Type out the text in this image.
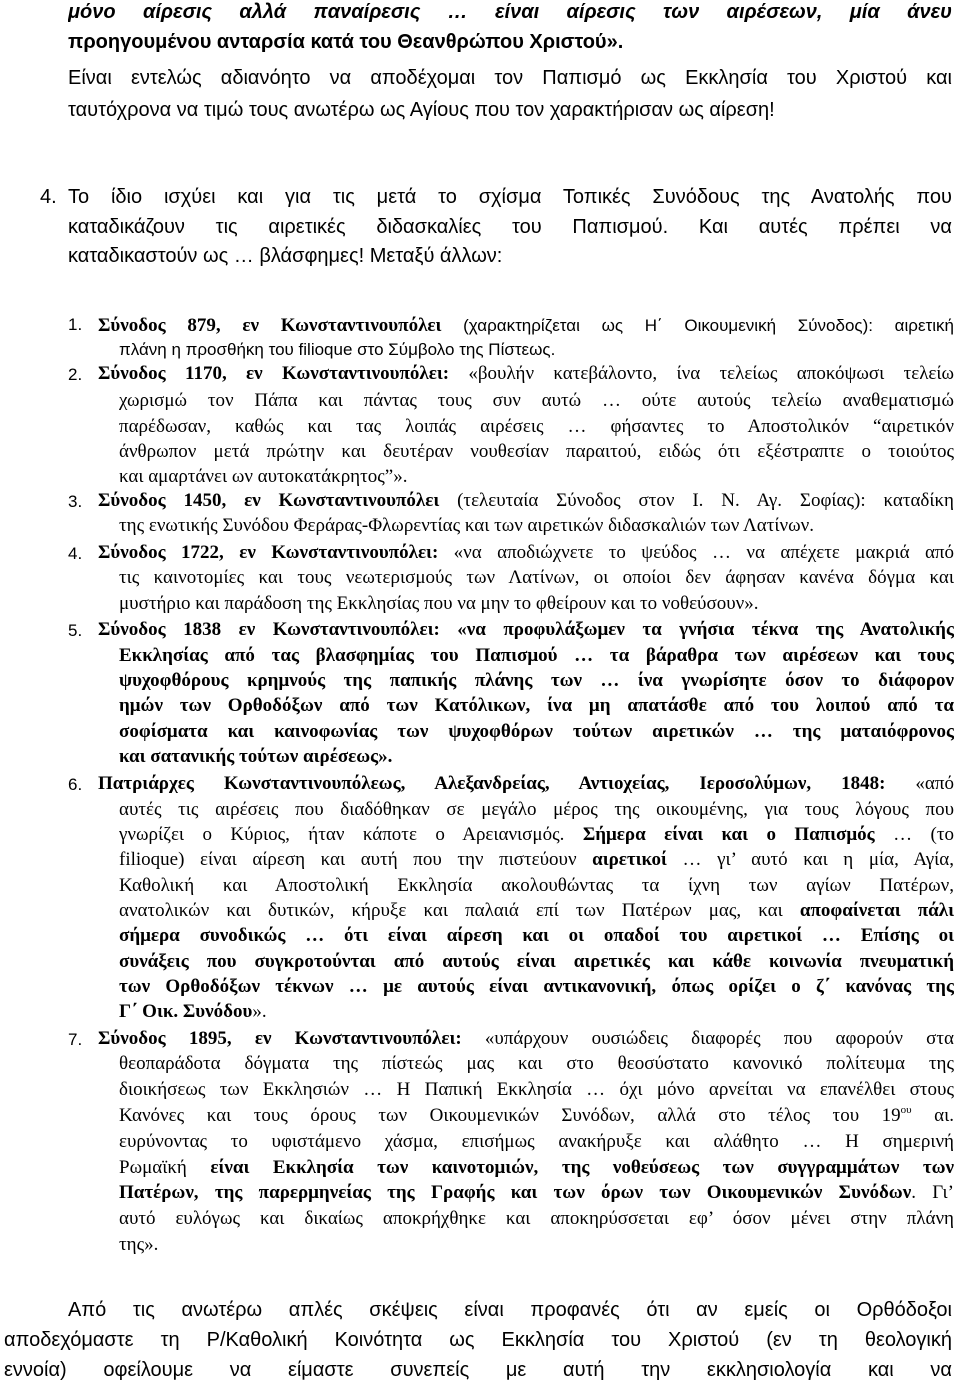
μόνο αίρεσις αλλά παναίρεσις … είναι αίρεσις των αιρέσεων, μία άνευ
προηγουμένου ανταρσία κατά του Θεανθρώπου Χριστού».
Είναι εντελώς αδιανόητο να αποδέχομαι τον Παπισμό ως Εκκλησία του Χριστού και
ταυτόχρονα να τιμώ τους ανωτέρω ως Αγίους που τον χαρακτήρισαν ως αίρεση!
4. Το ίδιο ισχύει και για τις μετά το σχίσμα Τοπικές Συνόδους της Ανατολής που
καταδικάζουν τις αιρετικές διδασκαλίες του Παπισμού. Και αυτές πρέπει να
καταδικαστούν ως … βλάσφημες! Μεταξύ άλλων:
1. Σύνοδος 879, εν Κωνσταντινουπόλει (χαρακτηρίζεται ως Η΄ Οικουμενική Σύνοδος): αιρετική
πλάνη η προσθήκη του filioque στο Σύμβολο της Πίστεως.
2. Σύνοδος 1170, εν Κωνσταντινουπόλει: «βουλήν κατεβάλοντο, ίνα τελείως αποκόψωσι τελείω
χωρισμώ τον Πάπα και πάντας τους συν αυτώ … ούτε αυτούς τελείω αναθεματισμώ
παρέδωσαν, καθώς και τας λοιπάς αιρέσεις … φήσαντες το Αποστολικόν “αιρετικόν
άνθρωπον μετά πρώτην και δευτέραν νουθεσίαν παραιτού, ειδώς ότι εξέστραπτε ο τοιούτος
και αμαρτάνει ων αυτοκατάκρητος”».
3. Σύνοδος 1450, εν Κωνσταντινουπόλει (τελευταία Σύνοδος στον Ι. Ν. Αγ. Σοφίας): καταδίκη
της ενωτικής Συνόδου Φεράρας-Φλωρεντίας και των αιρετικών διδασκαλιών των Λατίνων.
4. Σύνοδος 1722, εν Κωνσταντινουπόλει: «να αποδιώχνετε το ψεύδος … να απέχετε μακριά από
τις καινοτομίες και τους νεωτερισμούς των Λατίνων, οι οποίοι δεν άφησαν κανένα δόγμα και
μυστήριο και παράδοση της Εκκλησίας που να μην το φθείρουν και το νοθεύσουν».
5. Σύνοδος 1838 εν Κωνσταντινουπόλει: «να προφυλάξωμεν τα γνήσια τέκνα της Ανατολικής
Εκκλησίας από τας βλασφημίας του Παπισμού … τα βάραθρα των αιρέσεων και τους
ψυχοφθόρους κρημνούς της παπικής πλάνης των … ίνα γνωρίσητε όσον το διάφορον
ημών των Ορθοδόξων από των Κατόλικων, ίνα μη απατάσθε από του λοιπού από τα
σοφίσματα και καινοφωνίας των ψυχοφθόρων τούτων αιρετικών … της ματαιόφρονος
και σατανικής τούτων αιρέσεως».
6. Πατριάρχες Κωνσταντινουπόλεως, Αλεξανδρείας, Αντιοχείας, Ιεροσολύμων, 1848: «από
αυτές τις αιρέσεις που διαδόθηκαν σε μεγάλο μέρος της οικουμένης, για τους λόγους που
γνωρίζει ο Κύριος, ήταν κάποτε ο Αρειανισμός. Σήμερα είναι και ο Παπισμός … (το
filioque) είναι αίρεση και αυτή που την πιστεύουν αιρετικοί … γι’ αυτό και η μία, Αγία,
Καθολική και Αποστολική Εκκλησία ακολουθώντας τα ίχνη των αγίων Πατέρων,
ανατολικών και δυτικών, κήρυξε και παλαιά επί των Πατέρων μας, και αποφαίνεται πάλι
σήμερα συνοδικώς … ότι είναι αίρεση και οι οπαδοί του αιρετικοί … Επίσης οι
συνάξεις που συγκροτούνται από αυτούς είναι αιρετικές και κάθε κοινωνία πνευματική
των Ορθοδόξων τέκνων … με αυτούς είναι αντικανονική, όπως ορίζει ο ζ΄ κανόνας της
Γ΄ Οικ. Συνόδου».
7. Σύνοδος 1895, εν Κωνσταντινουπόλει: «υπάρχουν ουσιώδεις διαφορές που αφορούν στα
θεοπαράδοτα δόγματα της πίστεώς μας και στο θεοσύστατο κανονικό πολίτευμα της
διοικήσεως των Εκκλησιών … Η Παπική Εκκλησία … όχι μόνο αρνείται να επανέλθει στους
Κανόνες και τους όρους των Οικουμενικών Συνόδων, αλλά στο τέλος του $19^{o\upsilon}$ αι.
ευρύνοντας το υφιστάμενο χάσμα, επισήμως ανακήρυξε και αλάθητο … Η σημερινή
Ρωμαϊκή είναι Εκκλησία των καινοτομιών, της νοθεύσεως των συγγραμμάτων των
Πατέρων, της παρερμηνείας της Γραφής και των όρων των Οικουμενικών Συνόδων. Γι’
αυτό ευλόγως και δικαίως αποκρήχθηκε και αποκηρύσσεται εφ’ όσον μένει στην πλάνη
της».
Από τις ανωτέρω απλές σκέψεις είναι προφανές ότι αν εμείς οι Ορθόδοξοι
αποδεχόμαστε τη Ρ/Καθολική Κοινότητα ως Εκκλησία του Χριστού (εν τη θεολογική
εννοία) οφείλουμε να είμαστε συνεπείς με αυτή την εκκλησιολογία και να
